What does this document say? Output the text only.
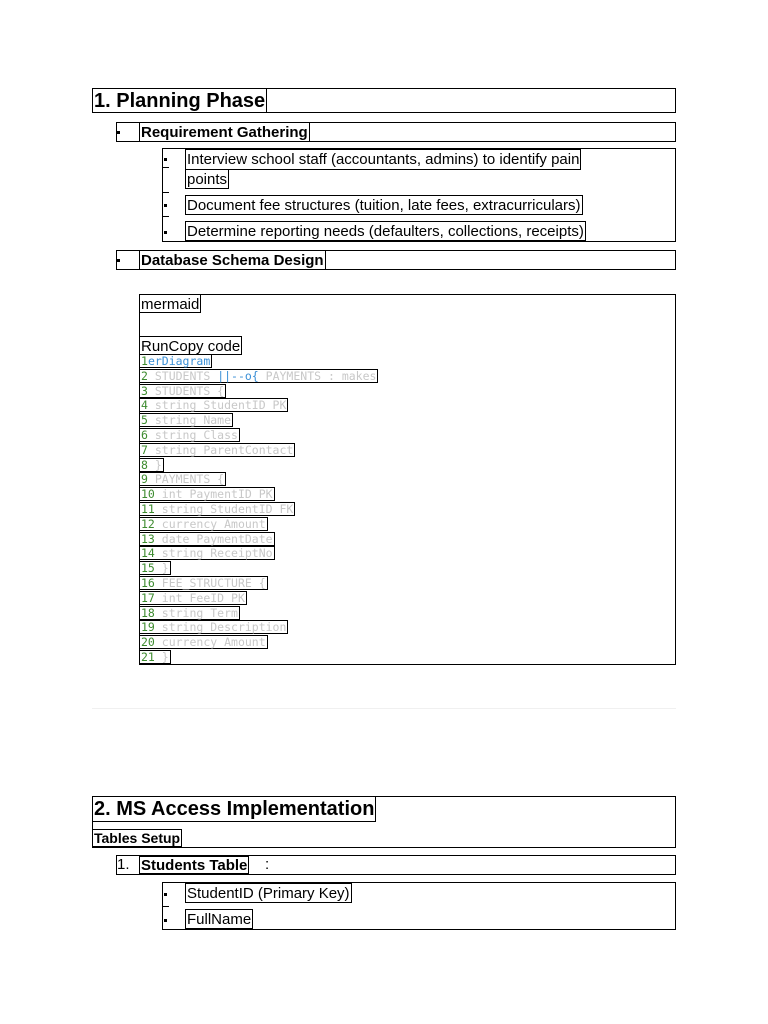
1. Planning Phase
Requirement Gathering
Interview school staff (accountants, admins) to identify pain
points
Document fee structures (tuition, late fees, extracurriculars)
Determine reporting needs (defaulters, collections, receipts)
Database Schema Design
mermaid
RunCopy code
1erDiagram
2 STUDENTS ||--o{ PAYMENTS : makes
3 STUDENTS {
4 string StudentID PK
5 string Name
6 string Class
7 string ParentContact
8 }
9 PAYMENTS {
10 int PaymentID PK
11 string StudentID FK
12 currency Amount
13 date PaymentDate
14 string ReceiptNo
15 }
16 FEE_STRUCTURE {
17 int FeeID PK
18 string Term
19 string Description
20 currency Amount
21 }
2. MS Access Implementation
Tables Setup
1. Students Table :
StudentID (Primary Key)
FullName
